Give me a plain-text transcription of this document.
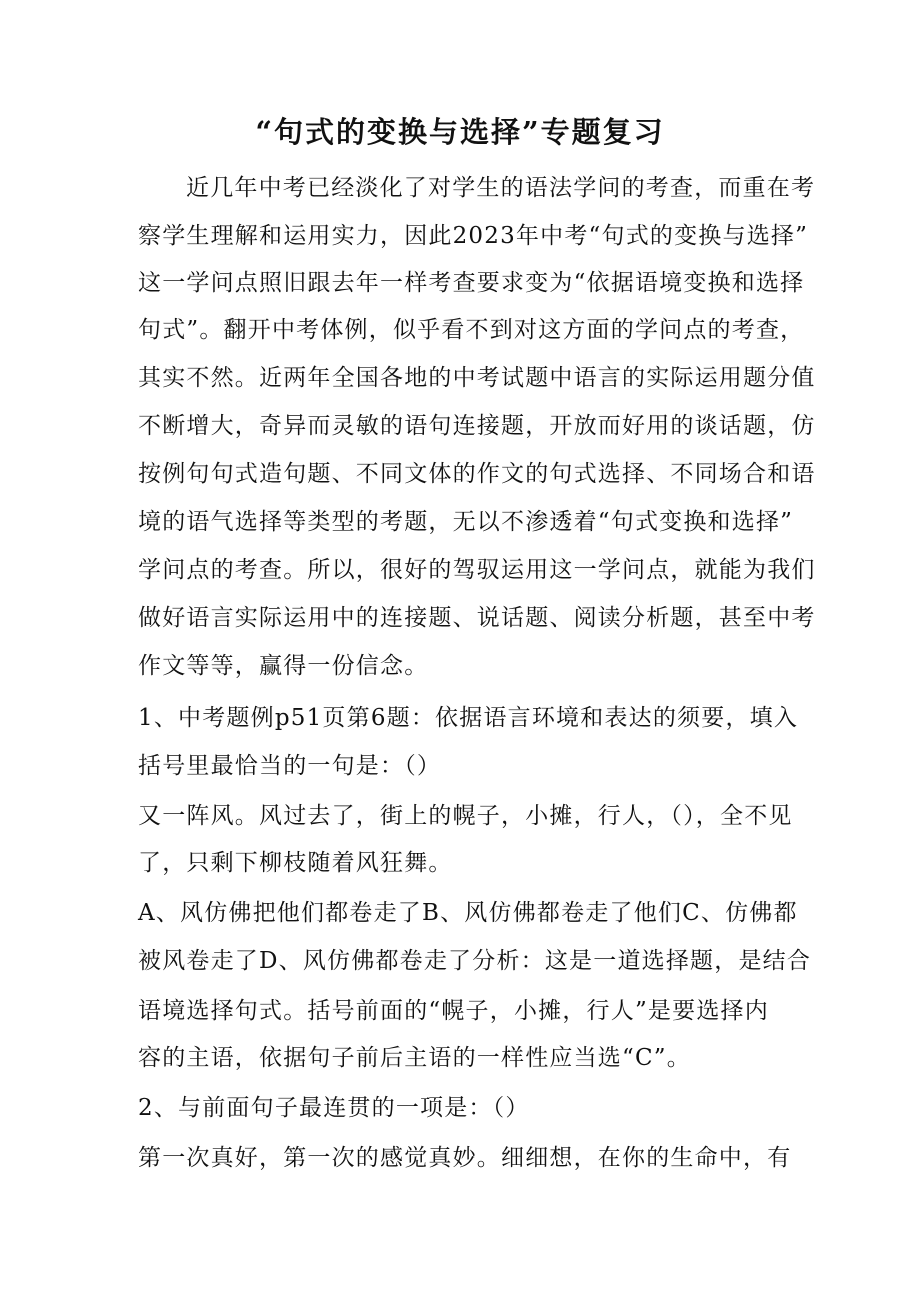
“句式的变换与选择”专题复习

近几年中考已经淡化了对学生的语法学问的考查，而重在考

察学生理解和运用实力，因此2023年中考“句式的变换与选择”

这一学问点照旧跟去年一样考查要求变为“依据语境变换和选择

句式”。翻开中考体例，似乎看不到对这方面的学问点的考查，

其实不然。近两年全国各地的中考试题中语言的实际运用题分值

不断增大，奇异而灵敏的语句连接题，开放而好用的谈话题，仿

按例句句式造句题、不同文体的作文的句式选择、不同场合和语

境的语气选择等类型的考题，无以不渗透着“句式变换和选择”

学问点的考查。所以，很好的驾驭运用这一学问点，就能为我们

做好语言实际运用中的连接题、说话题、阅读分析题，甚至中考

作文等等，赢得一份信念。

1、中考题例p51页第6题：依据语言环境和表达的须要，填入

括号里最恰当的一句是：（）

又一阵风。风过去了，街上的幌子，小摊，行人，（），全不见

了，只剩下柳枝随着风狂舞。

A、风仿佛把他们都卷走了B、风仿佛都卷走了他们C、仿佛都

被风卷走了D、风仿佛都卷走了分析：这是一道选择题，是结合

语境选择句式。括号前面的“幌子，小摊，行人”是要选择内

容的主语，依据句子前后主语的一样性应当选“C”。

2、与前面句子最连贯的一项是：（）

第一次真好，第一次的感觉真妙。细细想，在你的生命中，有
